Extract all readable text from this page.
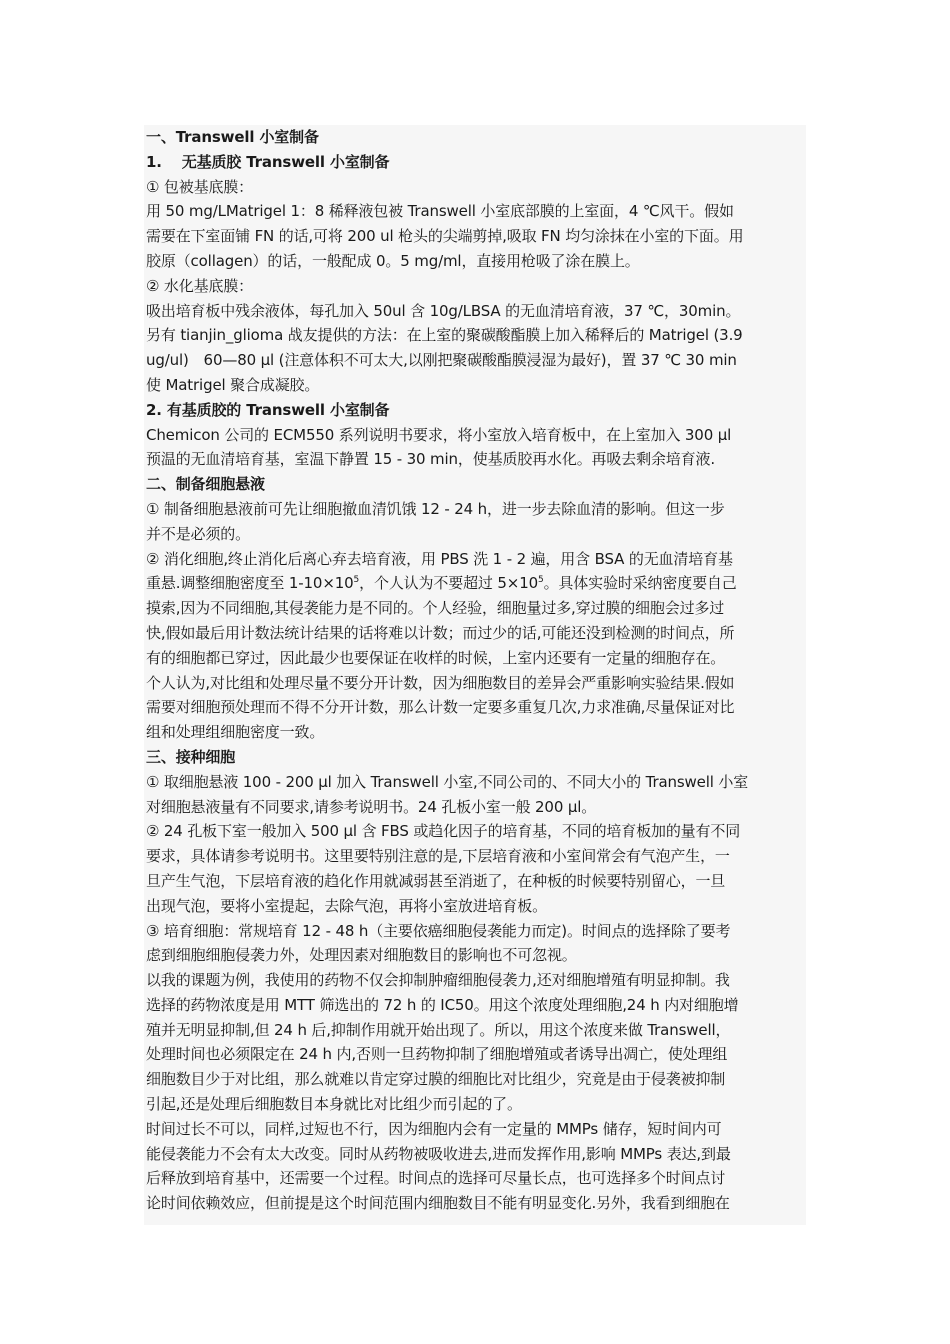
一、Transwell 小室制备
1.　 无基质胶 Transwell 小室制备
① 包被基底膜：
用 50 mg/LMatrigel 1：8 稀释液包被 Transwell 小室底部膜的上室面，4 ℃风干。假如
需要在下室面铺 FN 的话,可将 200 ul 枪头的尖端剪掉,吸取 FN 均匀涂抹在小室的下面。用
胶原（collagen）的话，一般配成 0。5 mg/ml，直接用枪吸了涂在膜上。
② 水化基底膜：
吸出培育板中残余液体，每孔加入 50ul 含 10g/LBSA 的无血清培育液，37 ℃，30min。
另有 tianjin_glioma 战友提供的方法：在上室的聚碳酸酯膜上加入稀释后的 Matrigel (3.9
ug/ul)　60—80 μl (注意体积不可太大,以刚把聚碳酸酯膜浸湿为最好)，置 37 ℃ 30 min
使 Matrigel 聚合成凝胶。
2. 有基质胶的 Transwell 小室制备
Chemicon 公司的 ECM550 系列说明书要求，将小室放入培育板中，在上室加入 300 μl
预温的无血清培育基，室温下静置 15 - 30 min，使基质胶再水化。再吸去剩余培育液.
二、制备细胞悬液
① 制备细胞悬液前可先让细胞撤血清饥饿 12 - 24 h，进一步去除血清的影响。但这一步
并不是必须的。
② 消化细胞,终止消化后离心弃去培育液，用 PBS 洗 1 - 2 遍，用含 BSA 的无血清培育基
重悬.调整细胞密度至 $1-10\times 10^5$，个人认为不要超过 $5\times 10^5$。具体实验时采纳密度要自己
摸索,因为不同细胞,其侵袭能力是不同的。个人经验，细胞量过多,穿过膜的细胞会过多过
快,假如最后用计数法统计结果的话将难以计数；而过少的话,可能还没到检测的时间点，所
有的细胞都已穿过，因此最少也要保证在收样的时候，上室内还要有一定量的细胞存在。
个人认为,对比组和处理尽量不要分开计数，因为细胞数目的差异会严重影响实验结果.假如
需要对细胞预处理而不得不分开计数，那么计数一定要多重复几次,力求准确,尽量保证对比
组和处理组细胞密度一致。
三、接种细胞
① 取细胞悬液 100 - 200 μl 加入 Transwell 小室,不同公司的、不同大小的 Transwell 小室
对细胞悬液量有不同要求,请参考说明书。24 孔板小室一般 200 μl。
② 24 孔板下室一般加入 500 μl 含 FBS 或趋化因子的培育基，不同的培育板加的量有不同
要求，具体请参考说明书。这里要特别注意的是,下层培育液和小室间常会有气泡产生，一
旦产生气泡，下层培育液的趋化作用就减弱甚至消逝了，在种板的时候要特别留心，一旦
出现气泡，要将小室提起，去除气泡，再将小室放进培育板。
③ 培育细胞：常规培育 12 - 48 h（主要依癌细胞侵袭能力而定)。时间点的选择除了要考
虑到细胞细胞侵袭力外，处理因素对细胞数目的影响也不可忽视。
以我的课题为例，我使用的药物不仅会抑制肿瘤细胞侵袭力,还对细胞增殖有明显抑制。我
选择的药物浓度是用 MTT 筛选出的 72 h 的 IC50。用这个浓度处理细胞,24 h 内对细胞增
殖并无明显抑制,但 24 h 后,抑制作用就开始出现了。所以，用这个浓度来做 Transwell，
处理时间也必须限定在 24 h 内,否则一旦药物抑制了细胞增殖或者诱导出凋亡，使处理组
细胞数目少于对比组，那么就难以肯定穿过膜的细胞比对比组少，究竟是由于侵袭被抑制
引起,还是处理后细胞数目本身就比对比组少而引起的了。
时间过长不可以，同样,过短也不行，因为细胞内会有一定量的 MMPs 储存，短时间内可
能侵袭能力不会有太大改变。同时从药物被吸收进去,进而发挥作用,影响 MMPs 表达,到最
后释放到培育基中，还需要一个过程。时间点的选择可尽量长点，也可选择多个时间点讨
论时间依赖效应，但前提是这个时间范围内细胞数目不能有明显变化.另外，我看到细胞在
